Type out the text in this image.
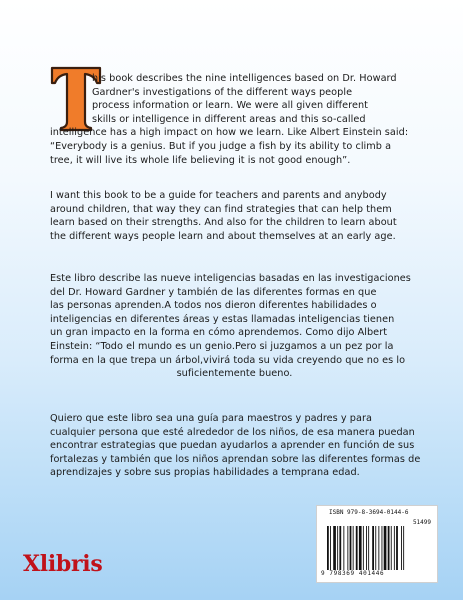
his book describes the nine intelligences based on Dr. Howard
Gardner's investigations of the different ways people
process information or learn. We were all given different
skills or intelligence in different areas and this so-called
intelligence has a high impact on how we learn. Like Albert Einstein said:
“Everybody is a genius. But if you judge a fish by its ability to climb a
tree, it will live its whole life believing it is not good enough”.
I want this book to be a guide for teachers and parents and anybody
around children, that way they can find strategies that can help them
learn based on their strengths. And also for the children to learn about
the different ways people learn and about themselves at an early age.
Este libro describe las nueve inteligencias basadas en las investigaciones
del Dr. Howard Gardner y también de las diferentes formas en que
las personas aprenden.A todos nos dieron diferentes habilidades o
inteligencias en diferentes áreas y estas llamadas inteligencias tienen
un gran impacto en la forma en cómo aprendemos. Como dijo Albert
Einstein: “Todo el mundo es un genio.Pero si juzgamos a un pez por la
forma en la que trepa un árbol,vivirá toda su vida creyendo que no es lo
suficientemente bueno.
Quiero que este libro sea una guía para maestros y padres y para
cualquier persona que esté alrededor de los niños, de esa manera puedan
encontrar estrategias que puedan ayudarlos a aprender en función de sus
fortalezas y también que los niños aprendan sobre las diferentes formas de
aprendizajes y sobre sus propias habilidades a temprana edad.
Xlibris
ISBN 979-8-3694-0144-6
51499
9 798369 401446
